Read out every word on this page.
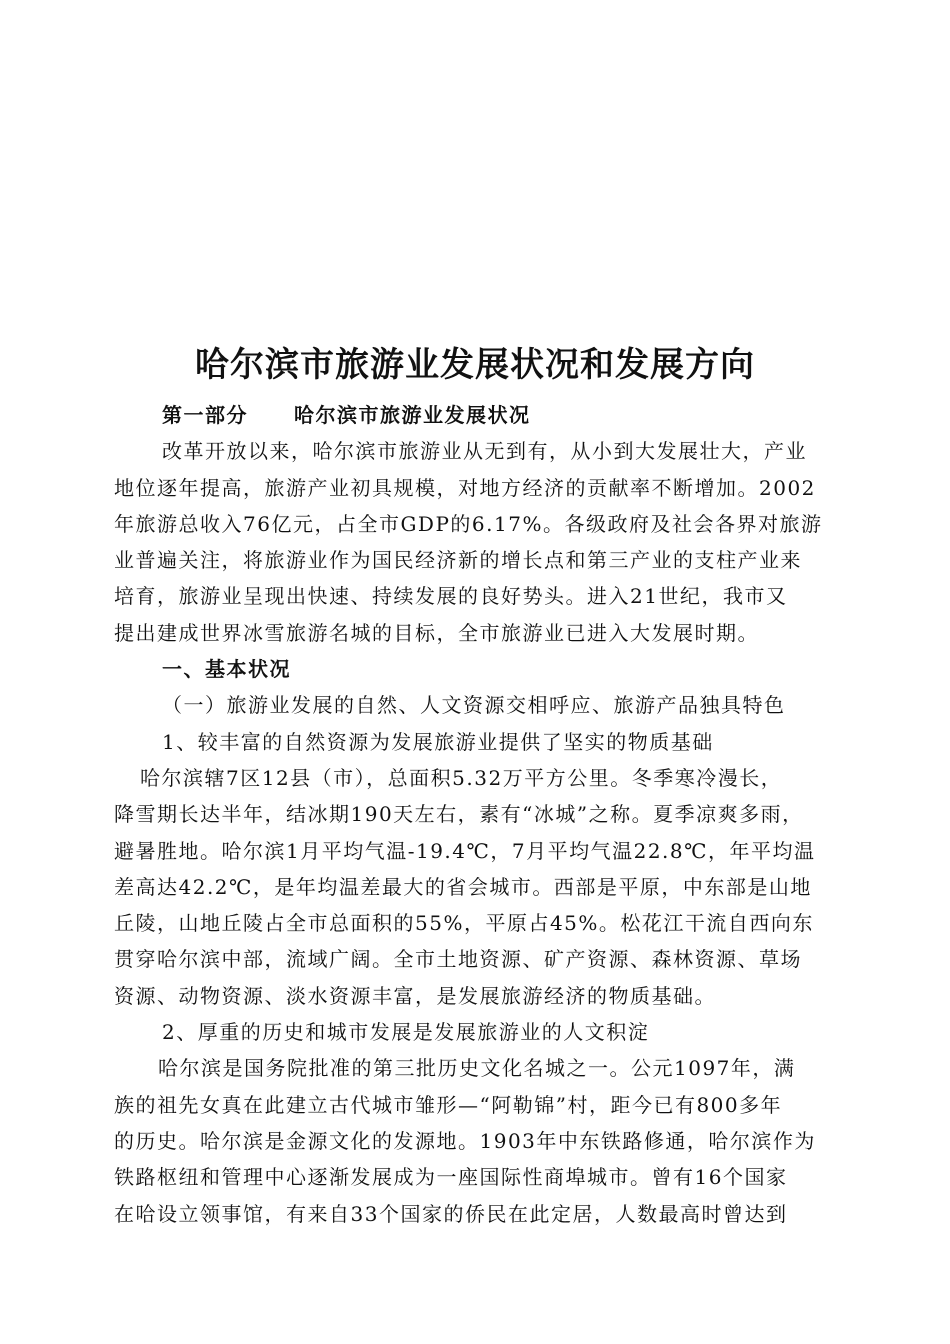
哈尔滨市旅游业发展状况和发展方向
第一部分 哈尔滨市旅游业发展状况
改革开放以来，哈尔滨市旅游业从无到有，从小到大发展壮大，产业
地位逐年提高，旅游产业初具规模，对地方经济的贡献率不断增加。2002
年旅游总收入76亿元，占全市GDP的6.17%。各级政府及社会各界对旅游
业普遍关注，将旅游业作为国民经济新的增长点和第三产业的支柱产业来
培育，旅游业呈现出快速、持续发展的良好势头。进入21世纪，我市又
提出建成世界冰雪旅游名城的目标，全市旅游业已进入大发展时期。
一、基本状况
（一）旅游业发展的自然、人文资源交相呼应、旅游产品独具特色
1、较丰富的自然资源为发展旅游业提供了坚实的物质基础
哈尔滨辖7区12县（市），总面积5.32万平方公里。冬季寒冷漫长，
降雪期长达半年，结冰期190天左右，素有“冰城”之称。夏季凉爽多雨，
避暑胜地。哈尔滨1月平均气温-19.4℃，7月平均气温22.8℃，年平均温
差高达42.2℃，是年均温差最大的省会城市。西部是平原，中东部是山地
丘陵，山地丘陵占全市总面积的55%，平原占45%。松花江干流自西向东
贯穿哈尔滨中部，流域广阔。全市土地资源、矿产资源、森林资源、草场
资源、动物资源、淡水资源丰富，是发展旅游经济的物质基础。
2、厚重的历史和城市发展是发展旅游业的人文积淀
哈尔滨是国务院批准的第三批历史文化名城之一。公元1097年，满
族的祖先女真在此建立古代城市雏形—“阿勒锦”村，距今已有800多年
的历史。哈尔滨是金源文化的发源地。1903年中东铁路修通，哈尔滨作为
铁路枢纽和管理中心逐渐发展成为一座国际性商埠城市。曾有16个国家
在哈设立领事馆，有来自33个国家的侨民在此定居，人数最高时曾达到
